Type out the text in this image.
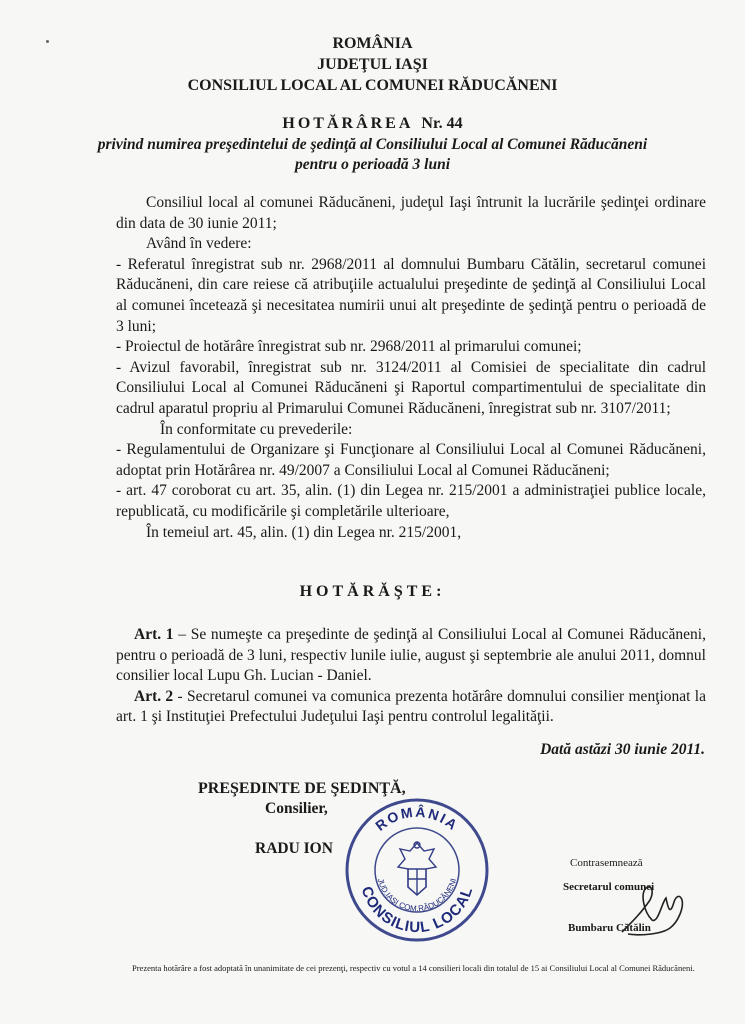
ROMÂNIA
JUDEŢUL IAŞI
CONSILIUL LOCAL AL COMUNEI RĂDUCĂNENI
HOTĂRÂREA Nr. 44
privind numirea preşedintelui de şedinţă al Consiliului Local al Comunei Răducăneni
pentru o perioadă 3 luni

Consiliul local al comunei Răducăneni, judeţul Iaşi întrunit la lucrările şedinţei ordinare din data de 30 iunie 2011;

Având în vedere:

- Referatul înregistrat sub nr. 2968/2011 al domnului Bumbaru Cătălin, secretarul comunei Răducăneni, din care reiese că atribuţiile actualului preşedinte de şedinţă al Consiliului Local al comunei încetează şi necesitatea numirii unui alt preşedinte de şedinţă pentru o perioadă de 3 luni;

- Proiectul de hotărâre înregistrat sub nr. 2968/2011 al primarului comunei;

- Avizul favorabil, înregistrat sub nr. 3124/2011 al Comisiei de specialitate din cadrul Consiliului Local al Comunei Răducăneni şi Raportul compartimentului de specialitate din cadrul aparatul propriu al Primarului Comunei Răducăneni, înregistrat sub nr. 3107/2011;

În conformitate cu prevederile:

- Regulamentului de Organizare şi Funcţionare al Consiliului Local al Comunei Răducăneni, adoptat prin Hotărârea nr. 49/2007 a Consiliului Local al Comunei Răducăneni;

- art. 47 coroborat cu art. 35, alin. (1) din Legea nr. 215/2001 a administraţiei publice locale, republicată, cu modificările şi completările ulterioare,

În temeiul art. 45, alin. (1) din Legea nr. 215/2001,

HOTĂRĂŞTE:

Art. 1 – Se numeşte ca preşedinte de şedinţă al Consiliului Local al Comunei Răducăneni, pentru o perioadă de 3 luni, respectiv lunile iulie, august şi septembrie ale anului 2011, domnul consilier local Lupu Gh. Lucian - Daniel.

Art. 2 - Secretarul comunei va comunica prezenta hotărâre domnului consilier menţionat la art. 1 şi Instituţiei Prefectului Judeţului Iaşi pentru controlul legalităţii.

Dată astăzi 30 iunie 2011.
PREŞEDINTE DE ŞEDINŢĂ,
Consilier,
RADU ION
ROMÂNIA
JUD.IAŞI COM.RĂDUCĂNENI
CONSILIUL LOCAL
Contrasemnează
Secretarul comunei
Bumbaru Cătălin

Prezenta hotărâre a fost adoptată în unanimitate de cei prezenţi, respectiv cu votul a 14 consilieri locali din totalul de 15 ai Consiliului Local al Comunei Răducăneni.
